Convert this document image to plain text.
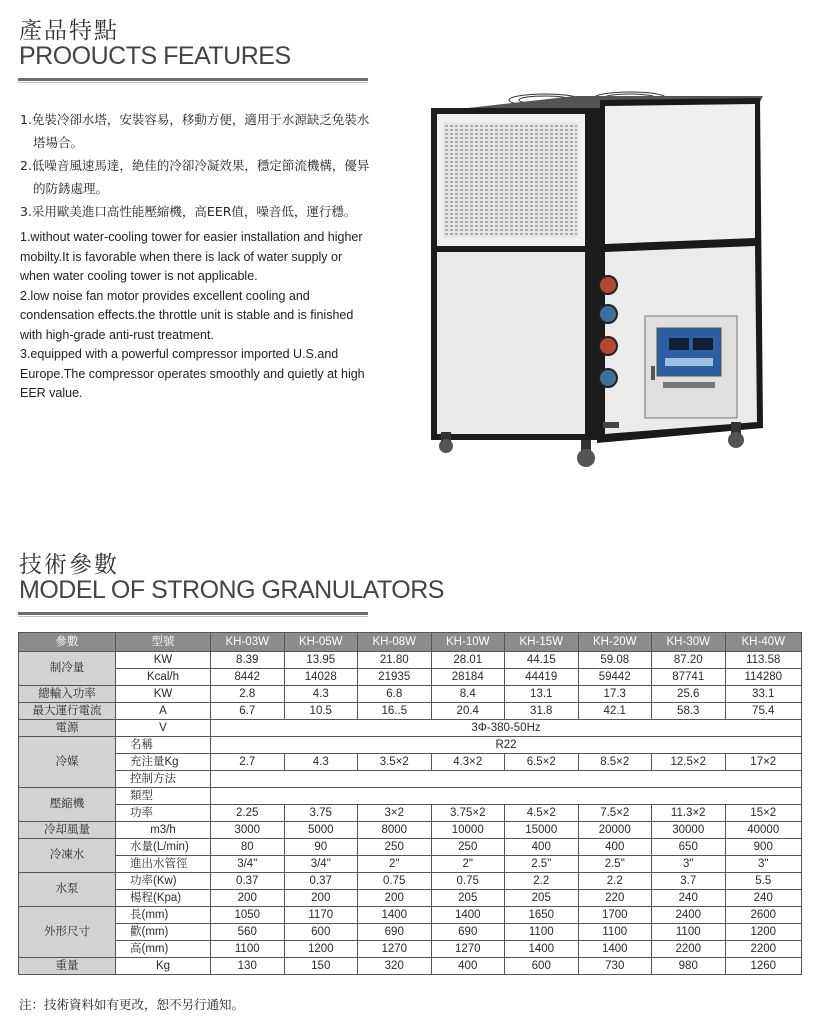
產品特點
PROOUCTS FEATURES
1.免裝冷卻水塔，安裝容易，移動方便，適用于水源缺乏免裝水塔場合。
2.低噪音風速馬達，絶佳的冷卻冷凝效果，穩定節流機構，優异的防銹處理。
3.采用歐美進口高性能壓縮機，高EER值，噪音低，運行穩。
1.without water-cooling tower for easier installation and higher mobilty.It is favorable when there is lack of water supply or when water cooling tower is not applicable.
2.low noise fan motor provides excellent cooling and condensation effects.the throttle unit is stable and is finished with high-grade anti-rust treatment.
3.equipped with a powerful compressor imported U.S.and Europe.The compressor operates smoothly and quietly at high EER value.
技術參數
MODEL OF STRONG GRANULATORS
參數	型號	KH-03W	KH-05W	KH-08W	KH-10W	KH-15W	KH-20W	KH-30W	KH-40W
制冷量	KW	8.39	13.95	21.80	28.01	44.15	59.08	87.20	113.58
	Kcal/h	8442	14028	21935	28184	44419	59442	87741	114280
總輸入功率	KW	2.8	4.3	6.8	8.4	13.1	17.3	25.6	33.1
最大運行電流	A	6.7	10.5	16..5	20.4	31.8	42.1	58.3	75.4
電源	V	3Φ-380-50Hz							
冷媒	名稱	R22							
	充注量Kg	2.7	4.3	3.5×2	4.3×2	6.5×2	8.5×2	12.5×2	17×2
	控制方法								
壓縮機	類型								
	功率	2.25	3.75	3×2	3.75×2	4.5×2	7.5×2	11.3×2	15×2
冷却風量	m3/h	3000	5000	8000	10000	15000	20000	30000	40000
冷凍水	水量(L/min)	80	90	250	250	400	400	650	900
	進出水管徑	3/4"	3/4"	2"	2"	2.5"	2.5"	3"	3"
水泵	功率(Kw)	0.37	0.37	0.75	0.75	2.2	2.2	3.7	5.5
	楊程(Kpa)	200	200	200	205	205	220	240	240
外形尺寸	長(mm)	1050	1170	1400	1400	1650	1700	2400	2600
	歡(mm)	560	600	690	690	1100	1100	1100	1200
	高(mm)	1100	1200	1270	1270	1400	1400	2200	2200
重量	Kg	130	150	320	400	600	730	980	1260
注：技術資料如有更改，恕不另行通知。
